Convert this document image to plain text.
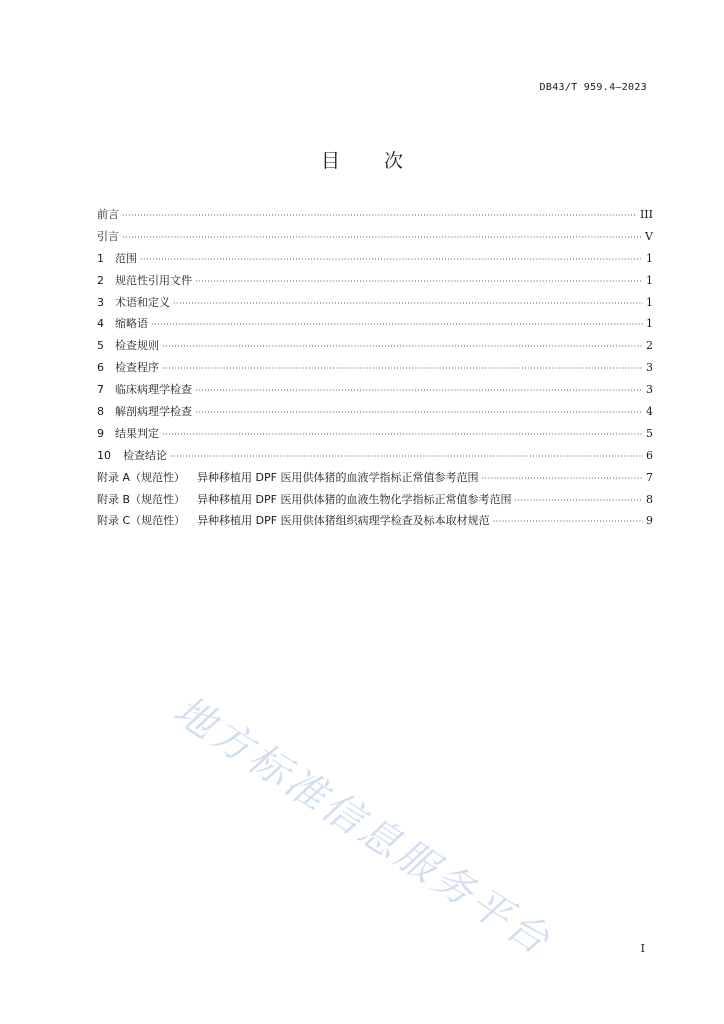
DB43/T 959.4—2023
目 次
前言 ·····	III
引言 ·····	V
1 范围 ·····	1
2 规范性引用文件 ·····	1
3 术语和定义 ·····	1
4 缩略语 ·····	1
5 检查规则 ·····	2
6 检查程序 ·····	3
7 临床病理学检查 ·····	3
8 解剖病理学检查 ·····	4
9 结果判定 ·····	5
10 检查结论 ·····	6
附录 A（规范性） 异种移植用 DPF 医用供体猪的血液学指标正常值参考范围 ·····	7
附录 B（规范性） 异种移植用 DPF 医用供体猪的血液生物化学指标正常值参考范围 ·····	8
附录 C（规范性） 异种移植用 DPF 医用供体猪组织病理学检查及标本取材规范 ·····	9
地方标准信息服务平台	I
